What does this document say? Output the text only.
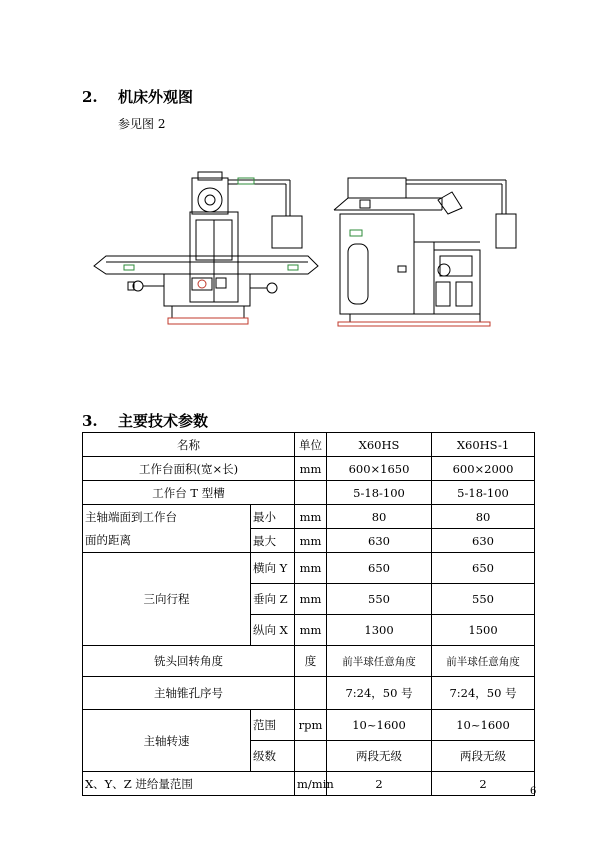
2. 机床外观图
参见图 2
3. 主要技术参数
名称		单位	X60HS	X60HS-1
工作台面积(宽×长)		mm	600×1650	600×2000
工作台 T 型槽			5-18-100	5-18-100
主轴端面到工作台	最小	mm	80	80
面的距离	最大	mm	630	630
三向行程	横向 Y	mm	650	650
	垂向 Z	mm	550	550
	纵向 X	mm	1300	1500
铣头回转角度		度	前半球任意角度	前半球任意角度
主轴锥孔序号			7:24，50 号	7:24，50 号
主轴转速	范围	rpm	10~1600	10~1600
	级数		两段无级	两段无级
X、Y、Z 进给量范围		m/min	2	2
6
